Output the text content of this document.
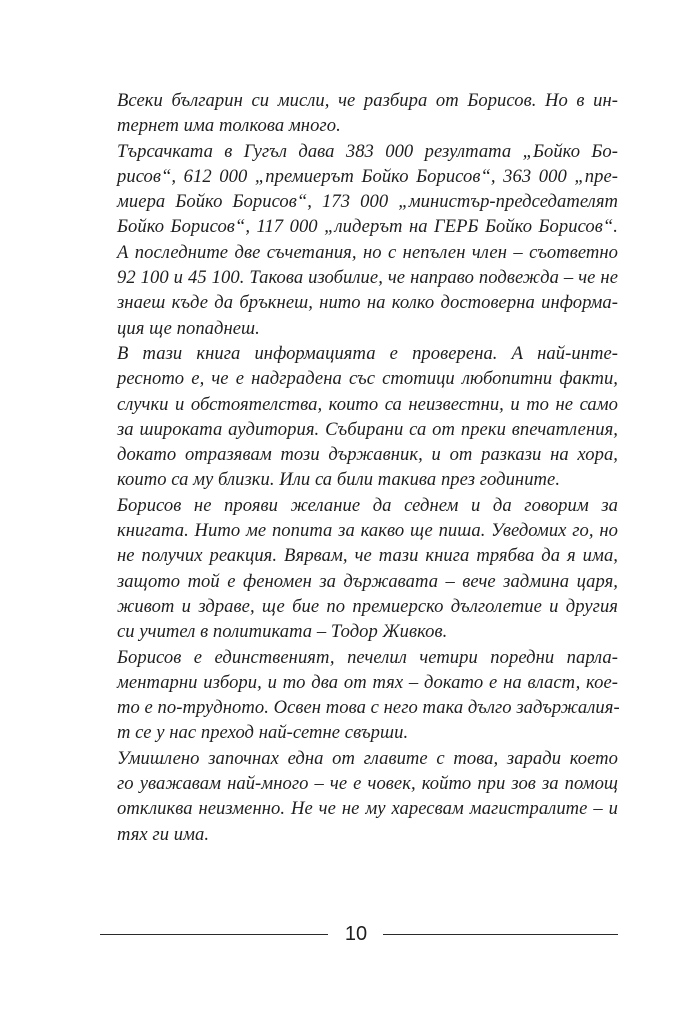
Всеки българин си мисли, че разбира от Борисов. Но в ин-
тернет има толкова много.

Търсачката в Гугъл дава 383 000 резултата „Бойко Бо-
рисов“, 612 000 „премиерът Бойко Борисов“, 363 000 „пре-
миера Бойко Борисов“, 173 000 „министър-председателят
Бойко Борисов“, 117 000 „лидерът на ГЕРБ Бойко Борисов“.
А последните две съчетания, но с непълен член – съответно
92 100 и 45 100. Такова изобилие, че направо подвежда – че не
знаеш къде да бръкнеш, нито на колко достоверна информа-
ция ще попаднеш.

В тази книга информацията е проверена. А най-инте-
ресното е, че е надградена със стотици любопитни факти,
случки и обстоятелства, които са неизвестни, и то не само
за широката аудитория. Събирани са от преки впечатления,
докато отразявам този държавник, и от разкази на хора,
които са му близки. Или са били такива през годините.

Борисов не прояви желание да седнем и да говорим за
книгата. Нито ме попита за какво ще пиша. Уведомих го, но
не получих реакция. Вярвам, че тази книга трябва да я има,
защото той е феномен за държавата – вече задмина царя,
живот и здраве, ще бие по премиерско дълголетие и другия
си учител в политиката – Тодор Живков.

Борисов е единственият, печелил четири поредни парла-
ментарни избори, и то два от тях – докато е на власт, кое-
то е по-трудното. Освен това с него така дълго задържалия-
т се у нас преход най-сетне свърши.

Умишлено започнах една от главите с това, заради което
го уважавам най-много – че е човек, който при зов за помощ
откликва неизменно. Не че не му харесвам магистралите – и
тях ги има.

10
